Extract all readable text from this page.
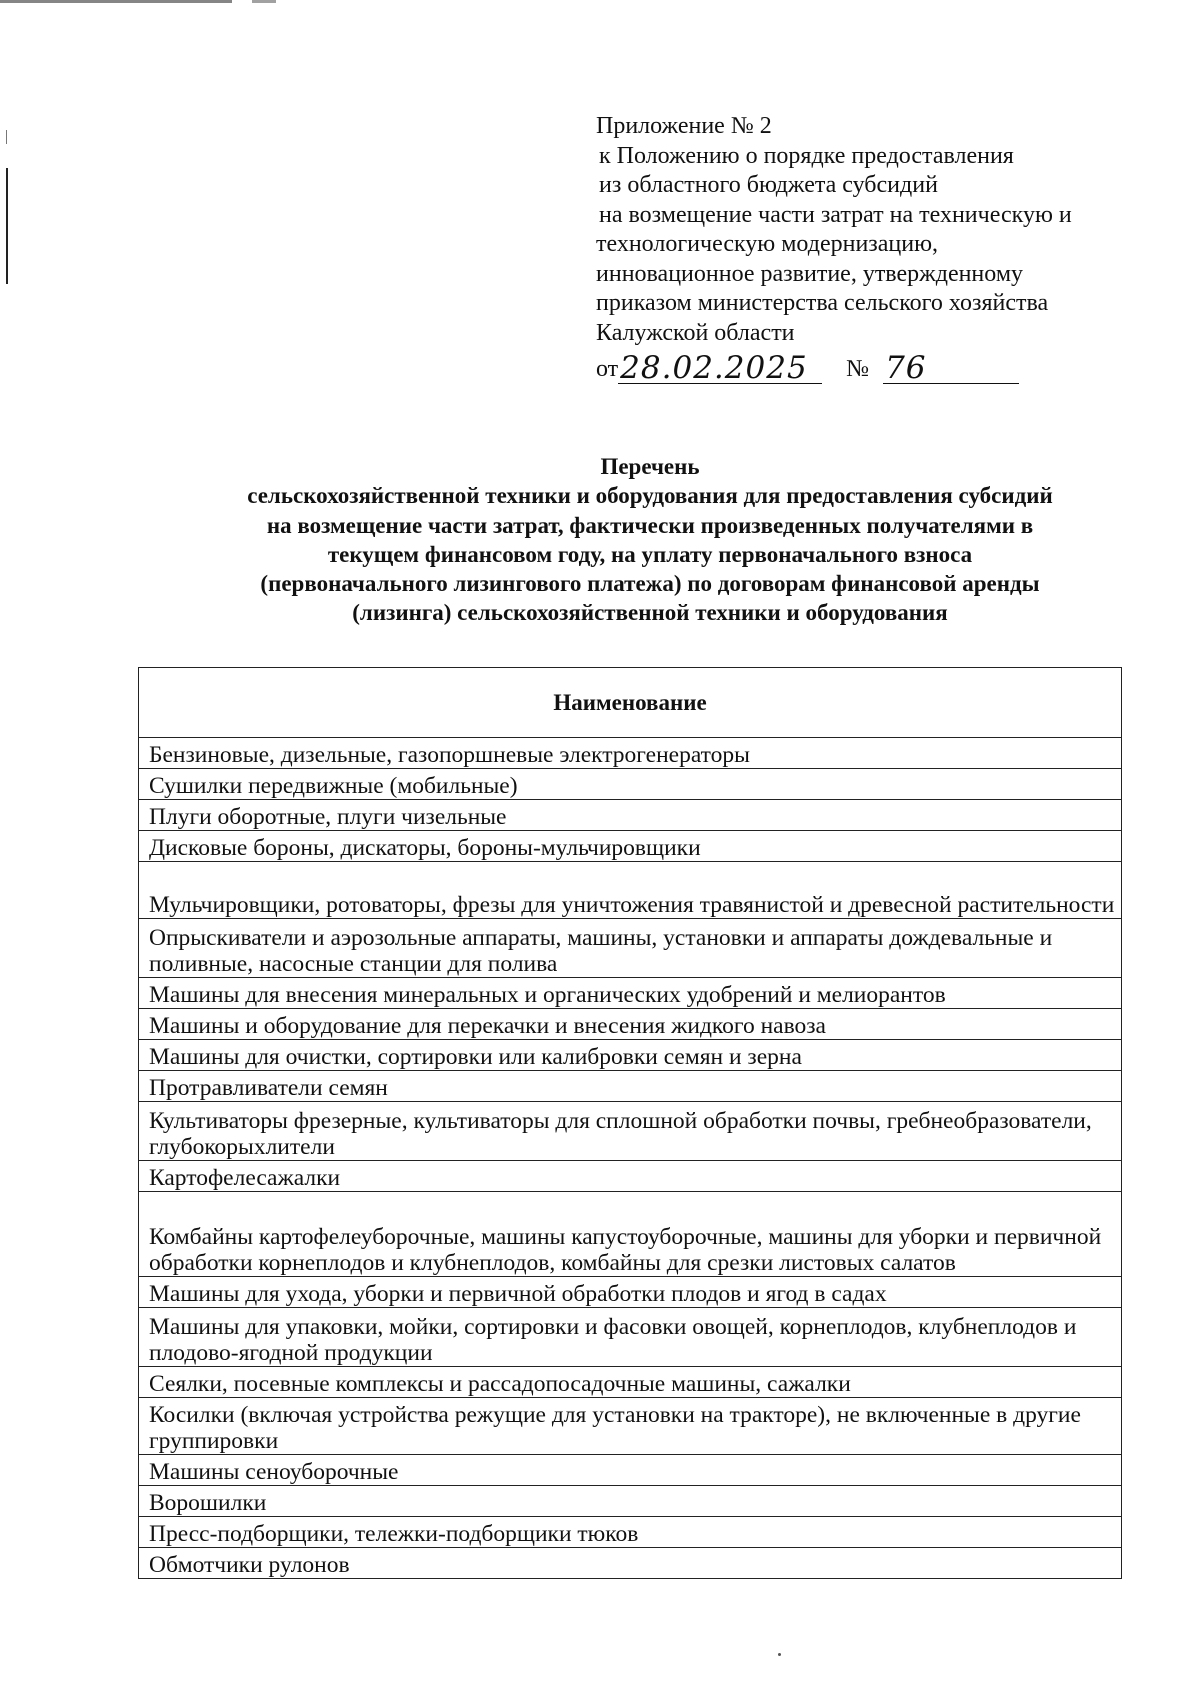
Приложение № 2
к Положению о порядке предоставления
из областного бюджета субсидий
на возмещение части затрат на техническую и
технологическую модернизацию,
инновационное развитие, утвержденному
приказом министерства сельского хозяйства
Калужской области
от 28.02.2025	№ 76
Перечень
сельскохозяйственной техники и оборудования для предоставления субсидий
на возмещение части затрат, фактически произведенных получателями в
текущем финансовом году, на уплату первоначального взноса
(первоначального лизингового платежа) по договорам финансовой аренды
(лизинга) сельскохозяйственной техники и оборудования
Наименование
Бензиновые, дизельные, газопоршневые электрогенераторы
Сушилки передвижные (мобильные)
Плуги оборотные, плуги чизельные
Дисковые бороны, дискаторы, бороны-мульчировщики
Мульчировщики, ротоваторы, фрезы для уничтожения травянистой и древесной растительности
Опрыскиватели и аэрозольные аппараты, машины, установки и аппараты дождевальные и поливные, насосные станции для полива
Машины для внесения минеральных и органических удобрений и мелиорантов
Машины и оборудование для перекачки и внесения жидкого навоза
Машины для очистки, сортировки или калибровки семян и зерна
Протравливатели семян
Культиваторы фрезерные, культиваторы для сплошной обработки почвы, гребнеобразователи, глубокорыхлители
Картофелесажалки
Комбайны картофелеуборочные, машины капустоуборочные, машины для уборки и первичной обработки корнеплодов и клубнеплодов, комбайны для срезки листовых салатов
Машины для ухода, уборки и первичной обработки плодов и ягод в садах
Машины для упаковки, мойки, сортировки и фасовки овощей, корнеплодов, клубнеплодов и плодово-ягодной продукции
Сеялки, посевные комплексы и рассадопосадочные машины, сажалки
Косилки (включая устройства режущие для установки на тракторе), не включенные в другие группировки
Машины сеноуборочные
Ворошилки
Пресс-подборщики, тележки-подборщики тюков
Обмотчики рулонов
